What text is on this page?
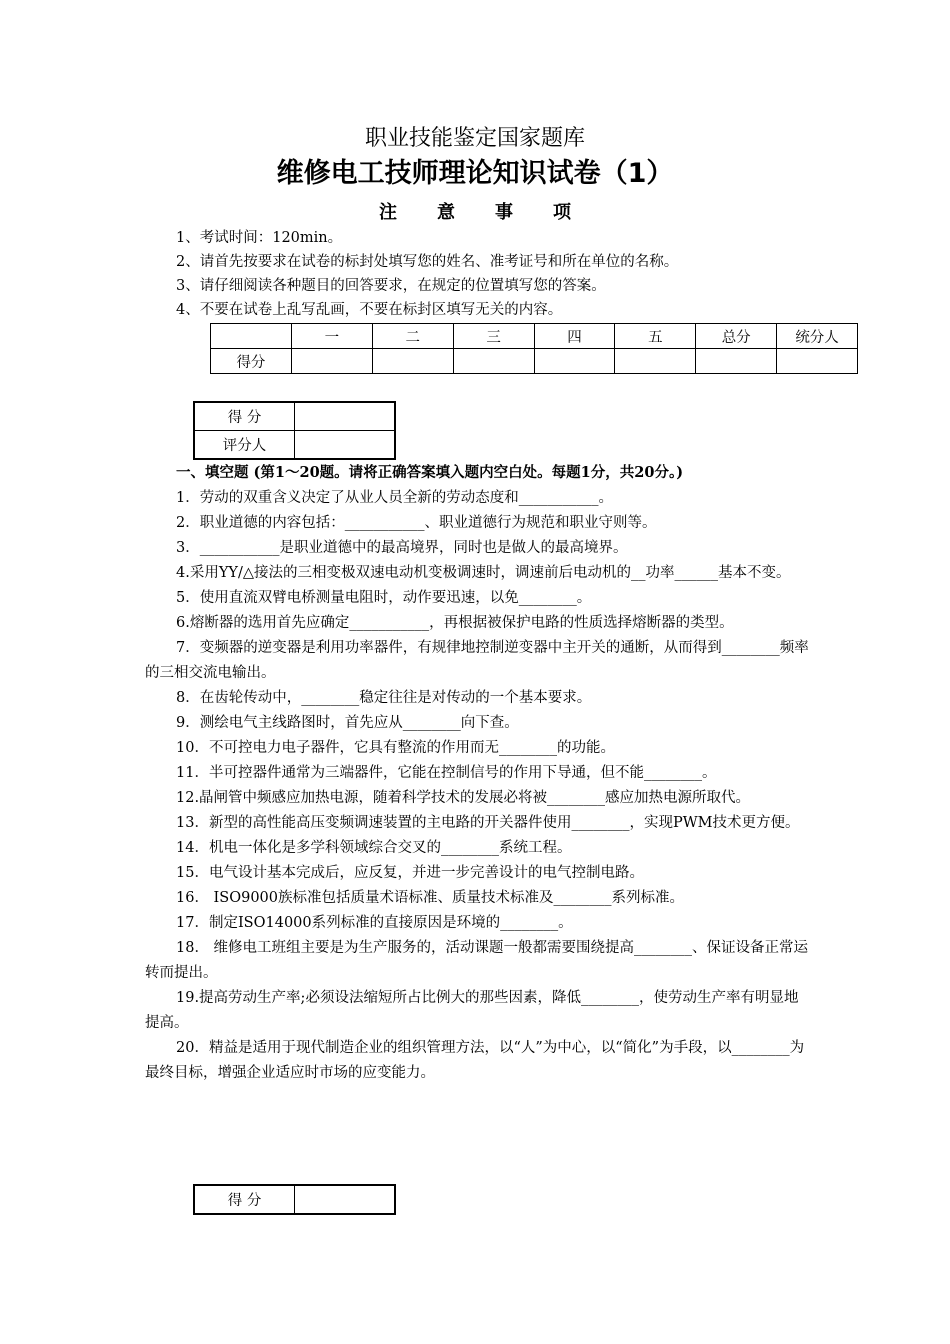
职业技能鉴定国家题库
维修电工技师理论知识试卷（1）
注意事项
1、考试时间：120min。
2、请首先按要求在试卷的标封处填写您的姓名、准考证号和所在单位的名称。
3、请仔细阅读各种题目的回答要求，在规定的位置填写您的答案。
4、不要在试卷上乱写乱画，不要在标封区填写无关的内容。
	一	二	三	四	五	总分	统分人
得分							
得 分	
评分人	
一、填空题 (第1～20题。请将正确答案填入题内空白处。每题1分，共20分。)
1．劳动的双重含义决定了从业人员全新的劳动态度和___________。
2．职业道德的内容包括：___________、职业道德行为规范和职业守则等。
3．___________是职业道德中的最高境界，同时也是做人的最高境界。
4.采用YY/△接法的三相变极双速电动机变极调速时，调速前后电动机的__功率______基本不变。
5．使用直流双臂电桥测量电阻时，动作要迅速，以免________。
6.熔断器的选用首先应确定___________，再根据被保护电路的性质选择熔断器的类型。
7．变频器的逆变器是利用功率器件，有规律地控制逆变器中主开关的通断，从而得到________频率的三相交流电输出。
8．在齿轮传动中，________稳定往往是对传动的一个基本要求。
9．测绘电气主线路图时，首先应从________向下查。
10．不可控电力电子器件，它具有整流的作用而无________的功能。
11．半可控器件通常为三端器件，它能在控制信号的作用下导通，但不能________。
12.晶闸管中频感应加热电源，随着科学技术的发展必将被________感应加热电源所取代。
13．新型的高性能高压变频调速装置的主电路的开关器件使用________，实现PWM技术更方便。
14．机电一体化是多学科领域综合交叉的________系统工程。
15．电气设计基本完成后，应反复，并进一步完善设计的电气控制电路。
16． ISO9000族标准包括质量术语标准、质量技术标准及________系列标准。
17．制定ISO14000系列标准的直接原因是环境的________。
18． 维修电工班组主要是为生产服务的，活动课题一般都需要围绕提高________、保证设备正常运转而提出。
19.提高劳动生产率;必须设法缩短所占比例大的那些因素，降低________，使劳动生产率有明显地提高。
20．精益是适用于现代制造企业的组织管理方法，以“人”为中心，以“简化”为手段，以________为最终目标，增强企业适应时市场的应变能力。
得 分	
